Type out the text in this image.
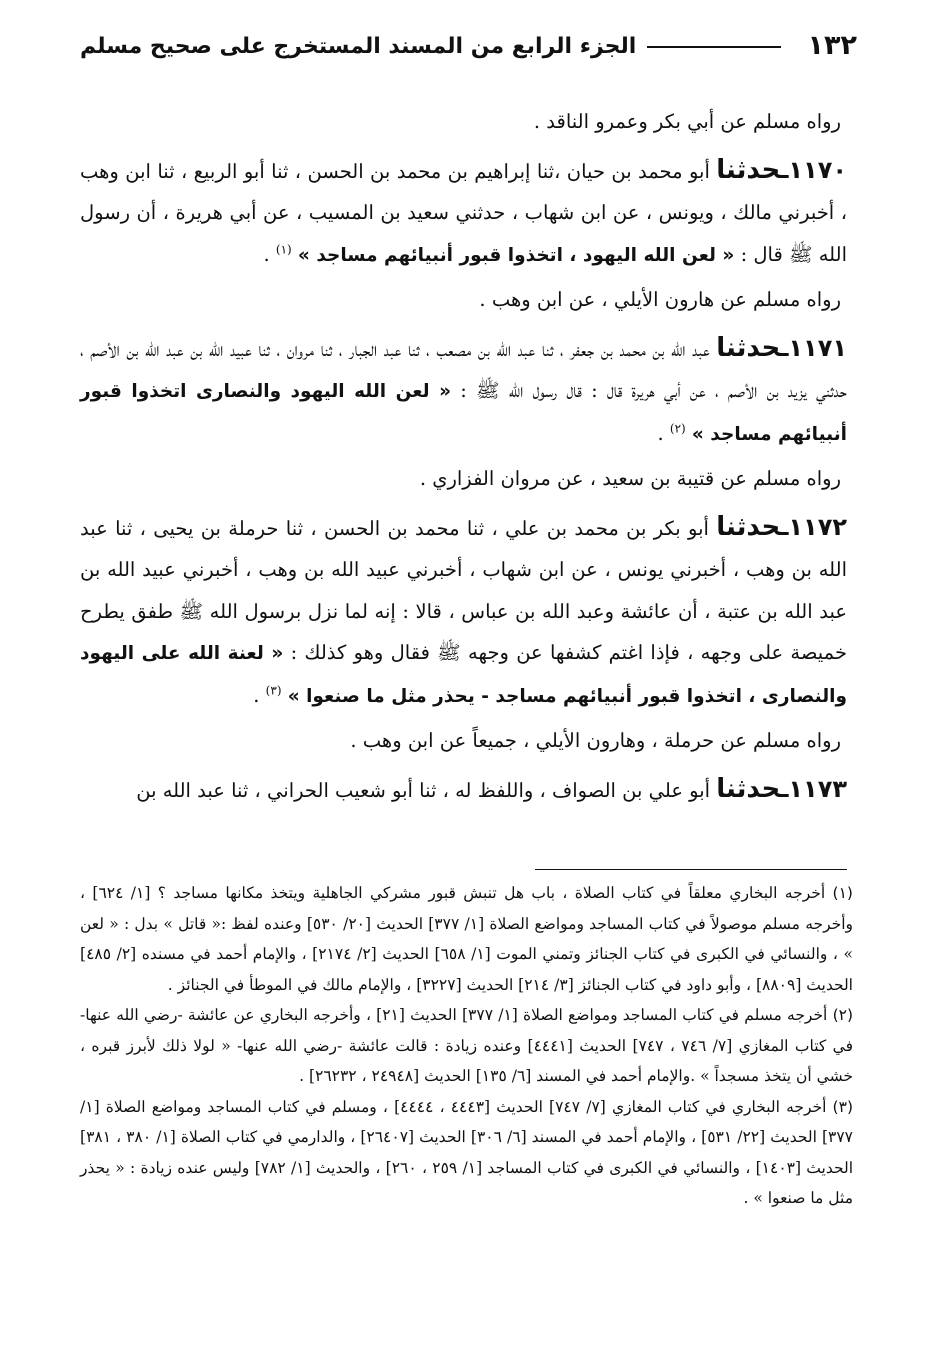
١٣٢
الجزء الرابع من المسند المستخرج على صحيح مسلم

رواه مسلم عن أبي بكر وعمرو الناقد .

١١٧٠ـحدثنا أبو محمد بن حيان ،ثنا إبراهيم بن محمد بن الحسن ، ثنا أبو الربيع ، ثنا ابن وهب ، أخبرني مالك ، ويونس ، عن ابن شهاب ، حدثني سعيد بن المسيب ، عن أبي هريرة ، أن رسول الله ﷺ قال : « لعن الله اليهود ، اتخذوا قبور أنبيائهم مساجد » $^{(١)}$ .

رواه مسلم عن هارون الأيلي ، عن ابن وهب .

١١٧١ـحدثنا عبد الله بن محمد بن جعفر ، ثنا عبد الله بن مصعب ، ثنا عبد الجبار ، ثنا مروان ، ثنا عبيد الله بن عبد الله بن الأصم ، حدثني يزيد بن الأصم ، عن أبي هريرة قال : قال رسول الله ﷺ : « لعن الله اليهود والنصارى اتخذوا قبور أنبيائهم مساجد » $^{(٢)}$ .

رواه مسلم عن قتيبة بن سعيد ، عن مروان الفزاري .

١١٧٢ـحدثنا أبو بكر بن محمد بن علي ، ثنا محمد بن الحسن ، ثنا حرملة بن يحيى ، ثنا عبد الله بن وهب ، أخبرني يونس ، عن ابن شهاب ، أخبرني عبيد الله بن وهب ، أخبرني عبيد الله بن عبد الله بن عتبة ، أن عائشة وعبد الله بن عباس ، قالا : إنه لما نزل برسول الله ﷺ طفق يطرح خميصة على وجهه ، فإذا اغتم كشفها عن وجهه ﷺ فقال وهو كذلك : « لعنة الله على اليهود والنصارى ، اتخذوا قبور أنبيائهم مساجد - يحذر مثل ما صنعوا » $^{(٣)}$ .

رواه مسلم عن حرملة ، وهارون الأيلي ، جميعاً عن ابن وهب .

١١٧٣ـحدثنا أبو علي بن الصواف ، واللفظ له ، ثنا أبو شعيب الحراني ، ثنا عبد الله بن

(١) أخرجه البخاري معلقاً في كتاب الصلاة ، باب هل تنبش قبور مشركي الجاهلية ويتخذ مكانها مساجد ؟ [١/ ٦٢٤] ، وأخرجه مسلم موصولاً في كتاب المساجد ومواضع الصلاة [١/ ٣٧٧] الحديث [٢٠/ ٥٣٠] وعنده لفظ :« قاتل » بدل : « لعن » ، والنسائي في الكبرى في كتاب الجنائز وتمني الموت [١/ ٦٥٨] الحديث [٢/ ٢١٧٤] ، والإمام أحمد في مسنده [٢/ ٤٨٥] الحديث [٨٨٠٩] ، وأبو داود في كتاب الجنائز [٣/ ٢١٤] الحديث [٣٢٢٧] ، والإمام مالك في الموطأ في الجنائز .

(٢) أخرجه مسلم في كتاب المساجد ومواضع الصلاة [١/ ٣٧٧] الحديث [٢١] ، وأخرجه البخاري عن عائشة -رضي الله عنها- في كتاب المغازي [٧/ ٧٤٦ ، ٧٤٧] الحديث [٤٤٤١] وعنده زيادة : قالت عائشة -رضي الله عنها- « لولا ذلك لأبرز قبره ، خشي أن يتخذ مسجداً » .والإمام أحمد في المسند [٦/ ١٣٥] الحديث [٢٤٩٤٨ ، ٢٦٢٣٢] .

(٣) أخرجه البخاري في كتاب المغازي [٧/ ٧٤٧] الحديث [٤٤٤٣ ، ٤٤٤٤] ، ومسلم في كتاب المساجد ومواضع الصلاة [١/ ٣٧٧] الحديث [٢٢/ ٥٣١] ، والإمام أحمد في المسند [٦/ ٣٠٦] الحديث [٢٦٤٠٧] ، والدارمي في كتاب الصلاة [١/ ٣٨٠ ، ٣٨١] الحديث [١٤٠٣] ، والنسائي في الكبرى في كتاب المساجد [١/ ٢٥٩ ، ٢٦٠] ، والحديث [١/ ٧٨٢] وليس عنده زيادة : « يحذر مثل ما صنعوا » .
